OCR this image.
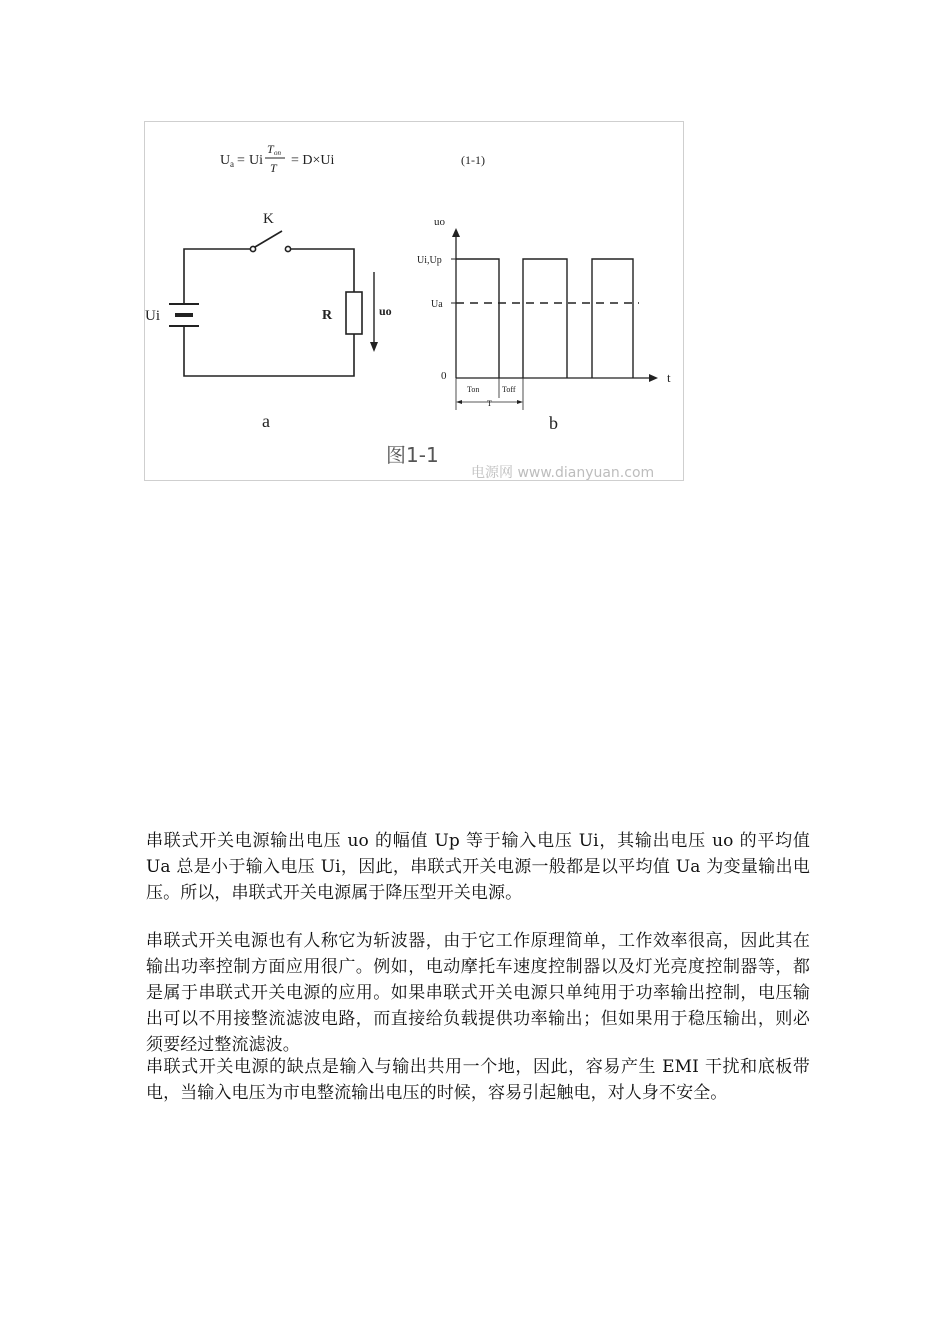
U a = Ui
T on
T = D×Ui	(1-1)
K
Ui	R	uo
a
uo
Ui,Up
Ua
0	t
Ton	Toff
T
b
图1-1
电源网 www.dianyuan.com

串联式开关电源输出电压 uo 的幅值 Up 等于输入电压 Ui，其输出电压 uo 的平均值 Ua 总是小于输入电压 Ui，因此，串联式开关电源一般都是以平均值 Ua 为变量输出电压。所以，串联式开关电源属于降压型开关电源。

串联式开关电源也有人称它为斩波器，由于它工作原理简单，工作效率很高，因此其在输出功率控制方面应用很广。例如，电动摩托车速度控制器以及灯光亮度控制器等，都是属于串联式开关电源的应用。如果串联式开关电源只单纯用于功率输出控制，电压输出可以不用接整流滤波电路，而直接给负载提供功率输出；但如果用于稳压输出，则必须要经过整流滤波。

串联式开关电源的缺点是输入与输出共用一个地，因此，容易产生 EMI 干扰和底板带电，当输入电压为市电整流输出电压的时候，容易引起触电，对人身不安全。
